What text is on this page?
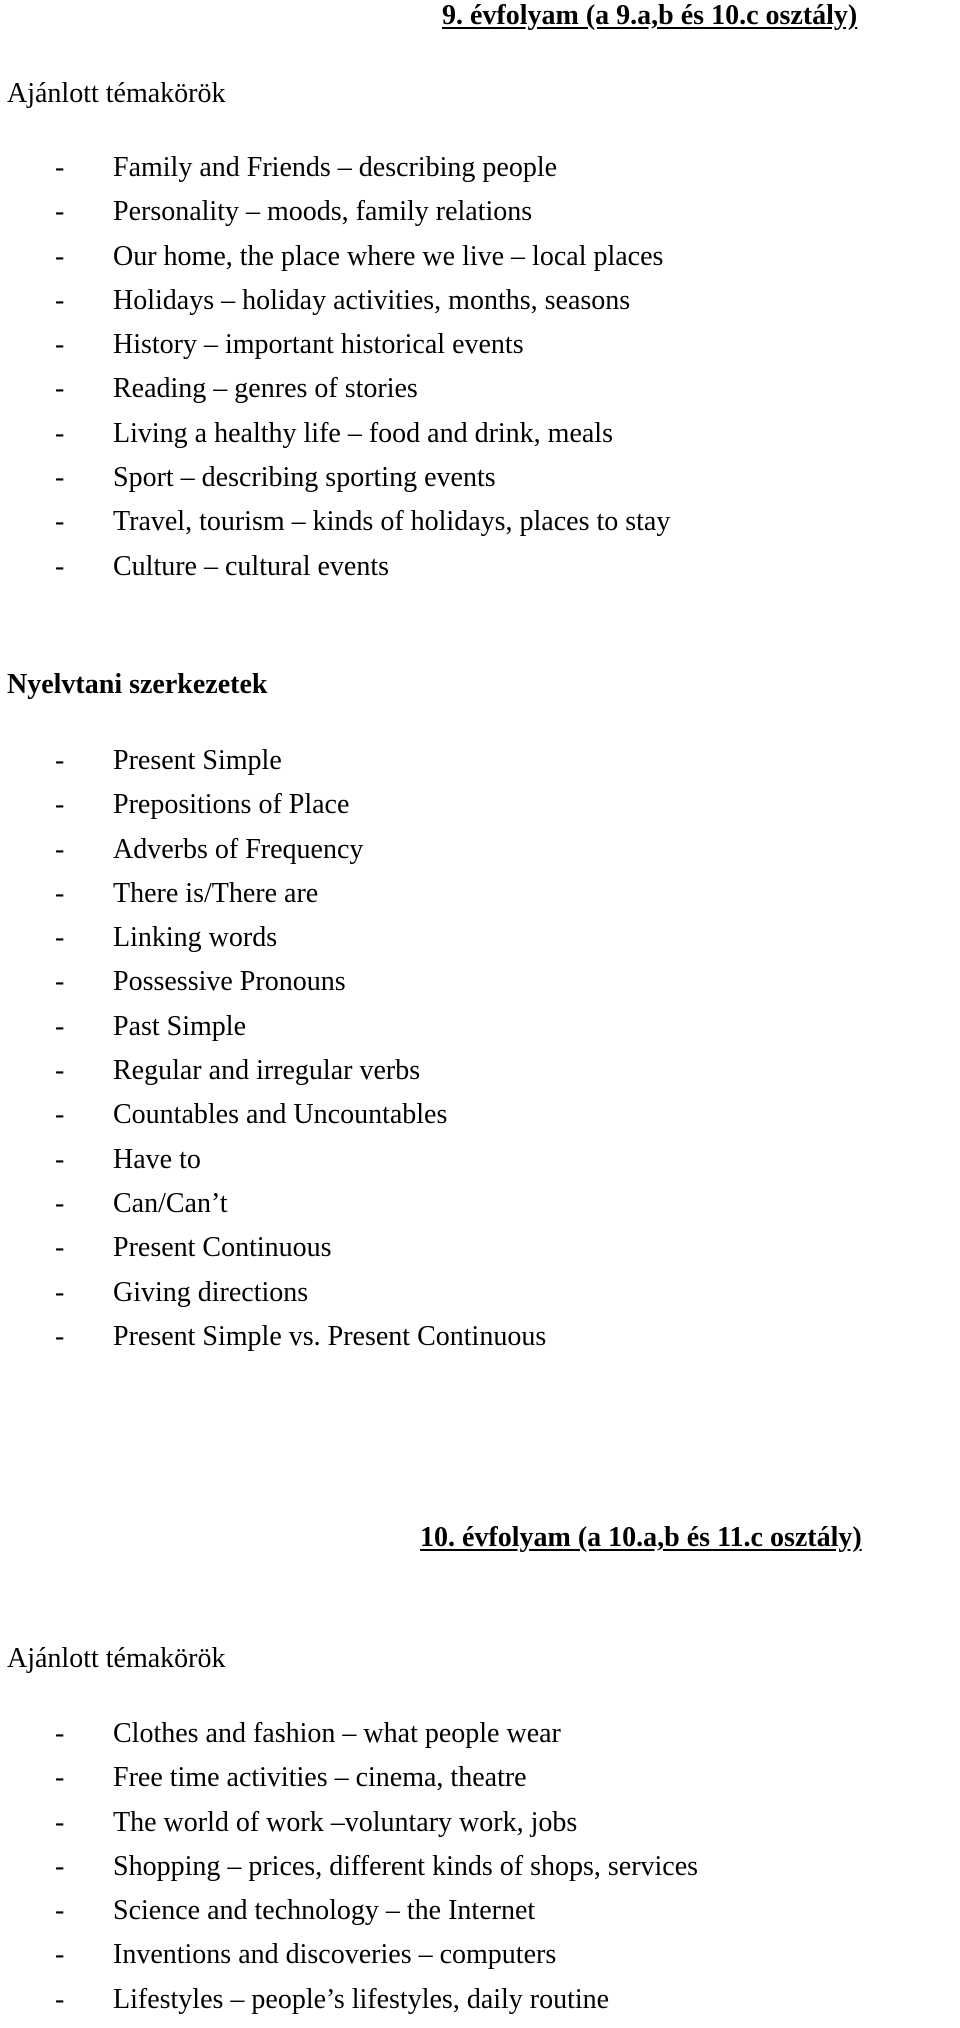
9. évfolyam (a 9.a,b és 10.c osztály)
Ajánlott témakörök
- Family and Friends – describing people
- Personality – moods, family relations
- Our home, the place where we live – local places
- Holidays – holiday activities, months, seasons
- History – important historical events
- Reading – genres of stories
- Living a healthy life – food and drink, meals
- Sport – describing sporting events
- Travel, tourism – kinds of holidays, places to stay
- Culture – cultural events
Nyelvtani szerkezetek
- Present Simple
- Prepositions of Place
- Adverbs of Frequency
- There is/There are
- Linking words
- Possessive Pronouns
- Past Simple
- Regular and irregular verbs
- Countables and Uncountables
- Have to
- Can/Can’t
- Present Continuous
- Giving directions
- Present Simple vs. Present Continuous
10. évfolyam (a 10.a,b és 11.c osztály)
Ajánlott témakörök
- Clothes and fashion – what people wear
- Free time activities – cinema, theatre
- The world of work –voluntary work, jobs
- Shopping – prices, different kinds of shops, services
- Science and technology – the Internet
- Inventions and discoveries – computers
- Lifestyles – people’s lifestyles, daily routine
